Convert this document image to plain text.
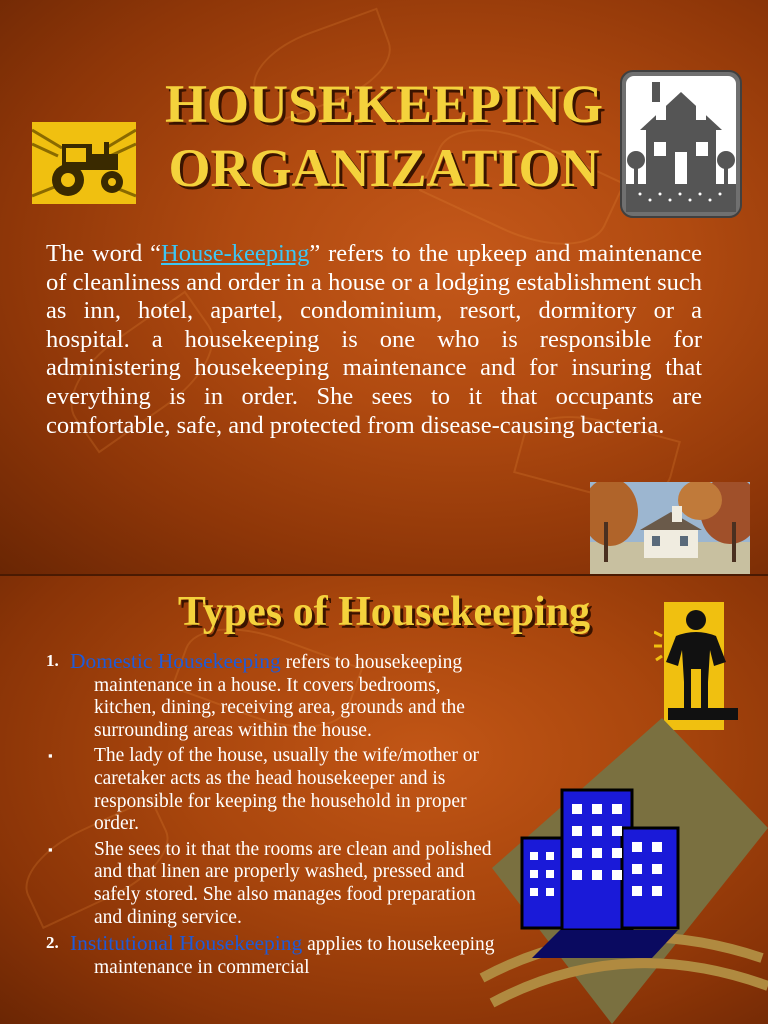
HOUSEKEEPING
ORGANIZATION
The word “House-keeping” refers to the upkeep and maintenance of cleanliness and order in a house or a lodging establishment such as inn, hotel, apartel, condominium, resort, dormitory or a hospital. a housekeeping is one who is responsible for administering housekeeping maintenance and for insuring that everything is in order. She sees to it that occupants are comfortable, safe, and protected from disease-causing bacteria.
Types of Housekeeping
1. Domestic Housekeeping refers to housekeeping maintenance in a house. It covers bedrooms, kitchen, dining, receiving area, grounds and the surrounding areas within the house.
▪ The lady of the house, usually the wife/mother or caretaker acts as the head housekeeper and is responsible for keeping the household in proper order.
▪ She sees to it that the rooms are clean and polished and that linen are properly washed, pressed and safely stored. She also manages food preparation and dining service.
2. Institutional Housekeeping applies to housekeeping maintenance in commercial
